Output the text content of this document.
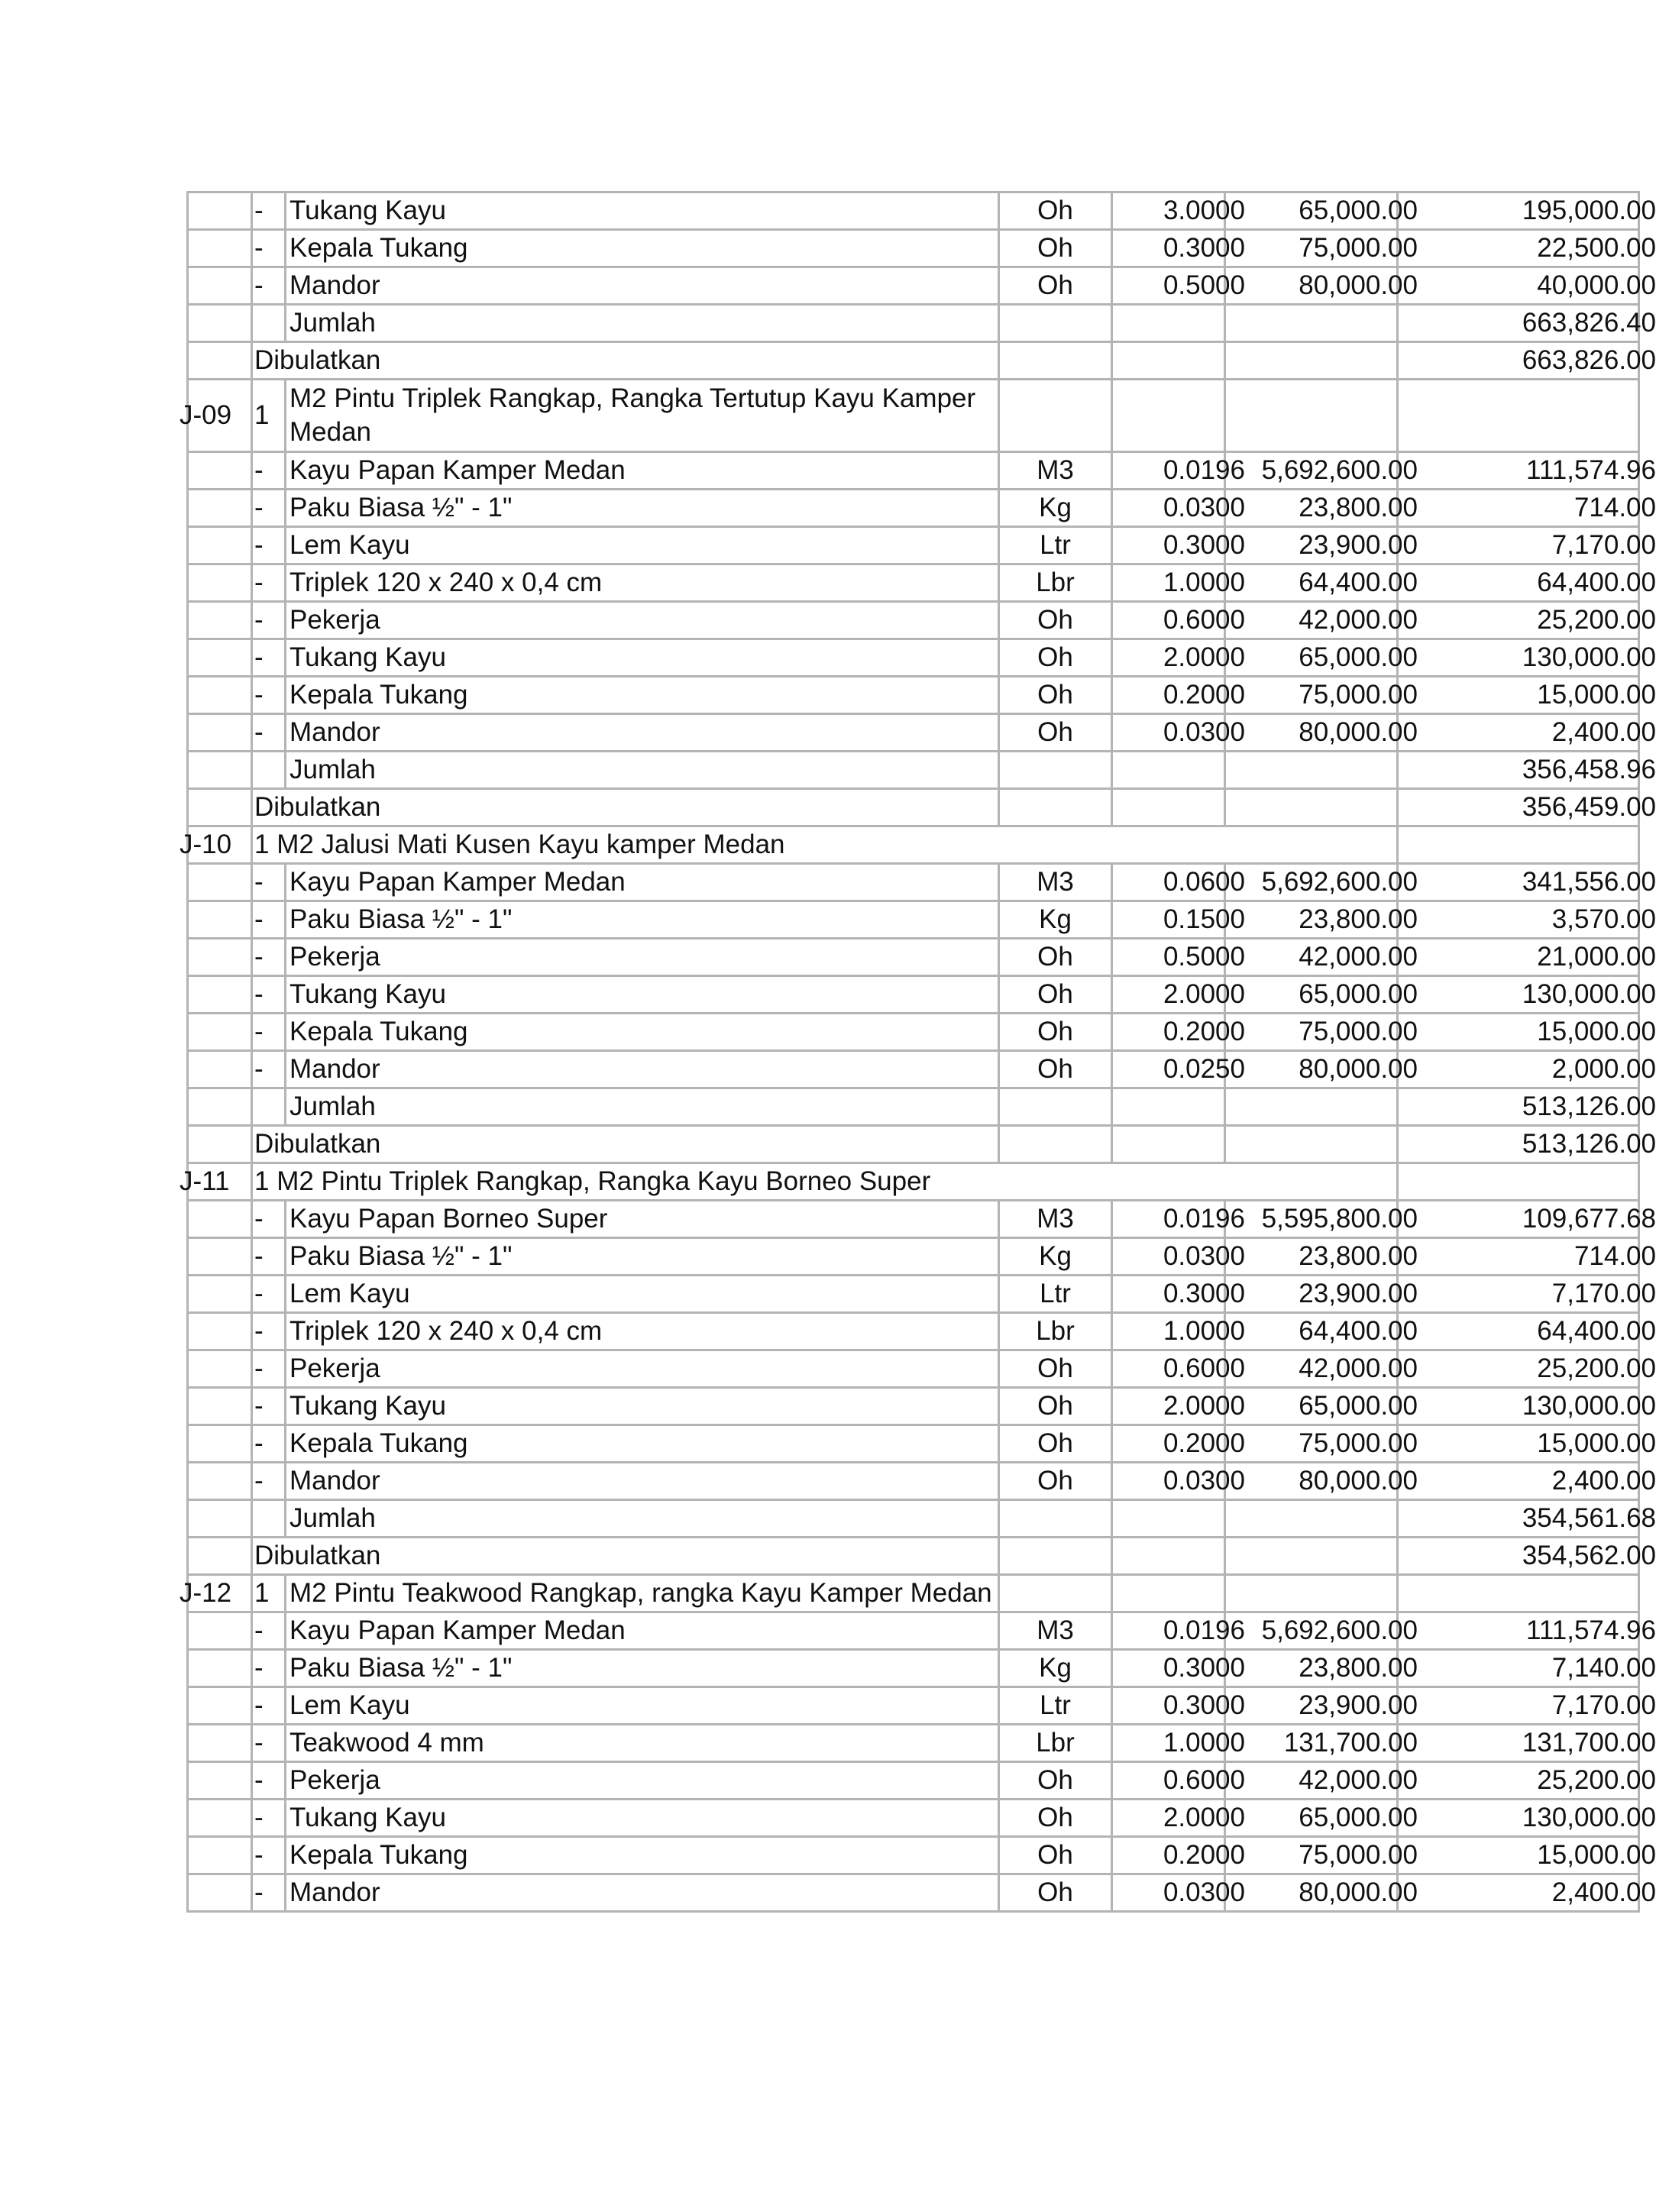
	-	Tukang Kayu	Oh	3.0000	65,000.00	195,000.00

	-	Kepala Tukang	Oh	0.3000	75,000.00	22,500.00

	-	Mandor	Oh	0.5000	80,000.00	40,000.00

		Jumlah				663,826.40

	Dibulatkan					663,826.00

J-09	1	M2 Pintu Triplek Rangkap, Rangka Tertutup Kayu Kamper Medan				
	-	Kayu Papan Kamper Medan	M3	0.0196	5,692,600.00	111,574.96

	-	Paku Biasa ½" - 1"	Kg	0.0300	23,800.00	714.00

	-	Lem Kayu	Ltr	0.3000	23,900.00	7,170.00

	-	Triplek 120 x 240 x 0,4 cm	Lbr	1.0000	64,400.00	64,400.00

	-	Pekerja	Oh	0.6000	42,000.00	25,200.00

	-	Tukang Kayu	Oh	2.0000	65,000.00	130,000.00

	-	Kepala Tukang	Oh	0.2000	75,000.00	15,000.00

	-	Mandor	Oh	0.0300	80,000.00	2,400.00

		Jumlah				356,458.96

	Dibulatkan					356,459.00

J-10	1 M2 Jalusi Mati Kusen Kayu kamper Medan					
	-	Kayu Papan Kamper Medan	M3	0.0600	5,692,600.00	341,556.00

	-	Paku Biasa ½" - 1"	Kg	0.1500	23,800.00	3,570.00

	-	Pekerja	Oh	0.5000	42,000.00	21,000.00

	-	Tukang Kayu	Oh	2.0000	65,000.00	130,000.00

	-	Kepala Tukang	Oh	0.2000	75,000.00	15,000.00

	-	Mandor	Oh	0.0250	80,000.00	2,000.00

		Jumlah				513,126.00

	Dibulatkan					513,126.00

J-11	1 M2 Pintu Triplek Rangkap, Rangka Kayu Borneo Super					
	-	Kayu Papan Borneo Super	M3	0.0196	5,595,800.00	109,677.68

	-	Paku Biasa ½" - 1"	Kg	0.0300	23,800.00	714.00

	-	Lem Kayu	Ltr	0.3000	23,900.00	7,170.00

	-	Triplek 120 x 240 x 0,4 cm	Lbr	1.0000	64,400.00	64,400.00

	-	Pekerja	Oh	0.6000	42,000.00	25,200.00

	-	Tukang Kayu	Oh	2.0000	65,000.00	130,000.00

	-	Kepala Tukang	Oh	0.2000	75,000.00	15,000.00

	-	Mandor	Oh	0.0300	80,000.00	2,400.00

		Jumlah				354,561.68

	Dibulatkan					354,562.00

J-12	1	M2 Pintu Teakwood Rangkap, rangka Kayu Kamper Medan				
	-	Kayu Papan Kamper Medan	M3	0.0196	5,692,600.00	111,574.96

	-	Paku Biasa ½" - 1"	Kg	0.3000	23,800.00	7,140.00

	-	Lem Kayu	Ltr	0.3000	23,900.00	7,170.00

	-	Teakwood 4 mm	Lbr	1.0000	131,700.00	131,700.00

	-	Pekerja	Oh	0.6000	42,000.00	25,200.00

	-	Tukang Kayu	Oh	2.0000	65,000.00	130,000.00

	-	Kepala Tukang	Oh	0.2000	75,000.00	15,000.00

	-	Mandor	Oh	0.0300	80,000.00	2,400.00
